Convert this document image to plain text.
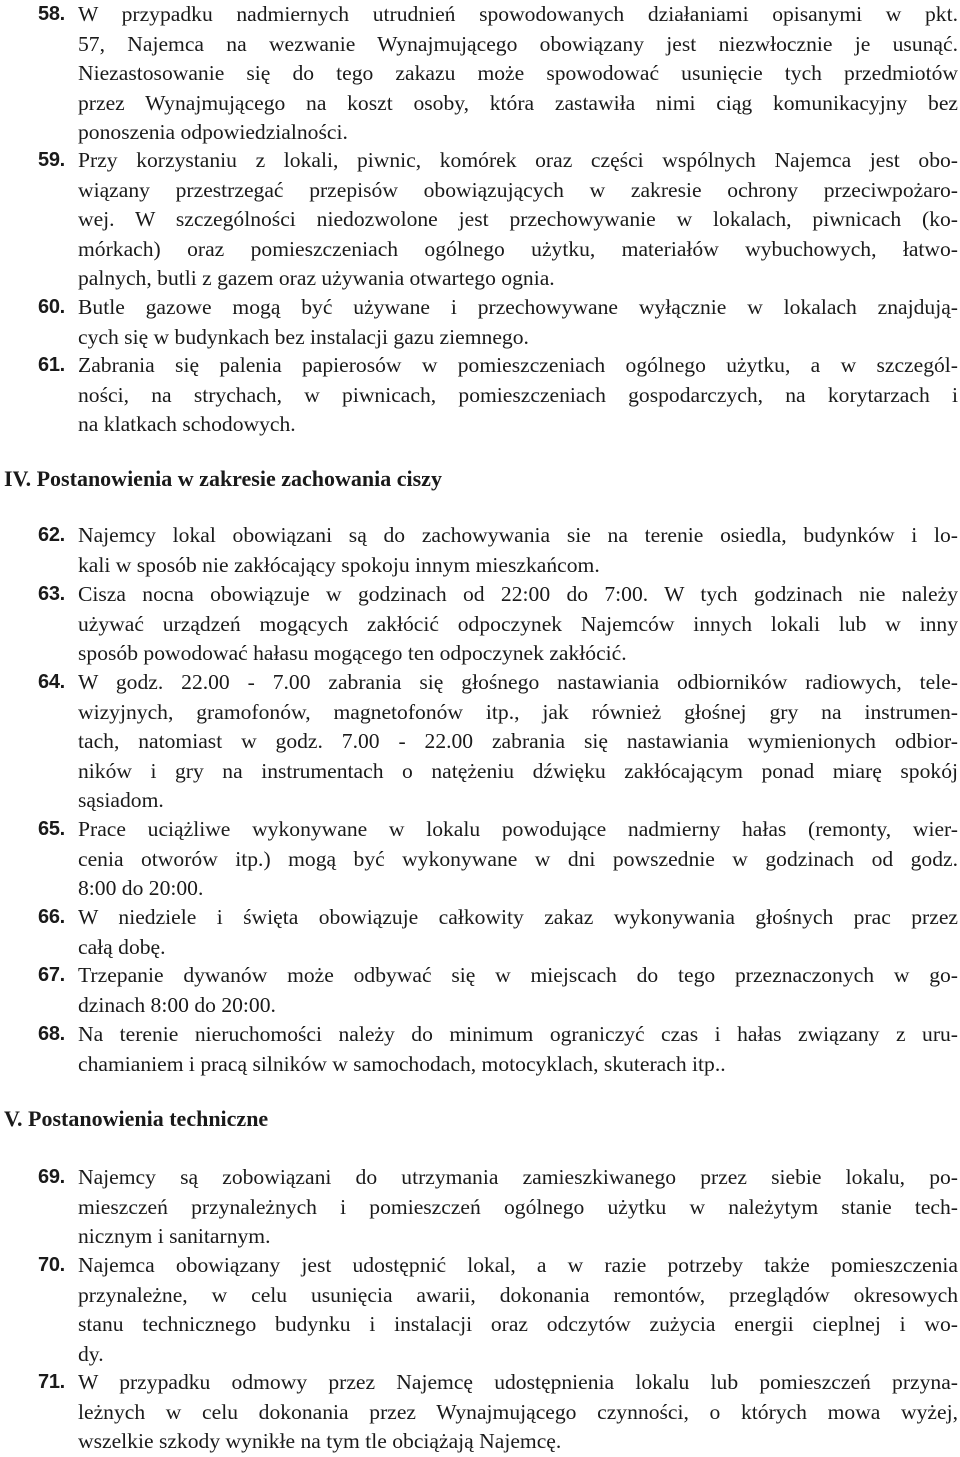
58. W przypadku nadmiernych utrudnień spowodowanych działaniami opisanymi w pkt.
57, Najemca na wezwanie Wynajmującego obowiązany jest niezwłocznie je usunąć.
Niezastosowanie się do tego zakazu może spowodować usunięcie tych przedmiotów
przez Wynajmującego na koszt osoby, która zastawiła nimi ciąg komunikacyjny bez
ponoszenia odpowiedzialności.
59. Przy korzystaniu z lokali, piwnic, komórek oraz części wspólnych Najemca jest obo-
wiązany przestrzegać przepisów obowiązujących w zakresie ochrony przeciwpożaro-
wej. W szczególności niedozwolone jest przechowywanie w lokalach, piwnicach (ko-
mórkach) oraz pomieszczeniach ogólnego użytku, materiałów wybuchowych, łatwo-
palnych, butli z gazem oraz używania otwartego ognia.
60. Butle gazowe mogą być używane i przechowywane wyłącznie w lokalach znajdują-
cych się w budynkach bez instalacji gazu ziemnego.
61. Zabrania się palenia papierosów w pomieszczeniach ogólnego użytku, a w szczegól-
ności, na strychach, w piwnicach, pomieszczeniach gospodarczych, na korytarzach i
na klatkach schodowych.
IV. Postanowienia w zakresie zachowania ciszy
62. Najemcy lokal obowiązani są do zachowywania sie na terenie osiedla, budynków i lo-
kali w sposób nie zakłócający spokoju innym mieszkańcom.
63. Cisza nocna obowiązuje w godzinach od 22:00 do 7:00. W tych godzinach nie należy
używać urządzeń mogących zakłócić odpoczynek Najemców innych lokali lub w inny
sposób powodować hałasu mogącego ten odpoczynek zakłócić.
64. W godz. 22.00 - 7.00 zabrania się głośnego nastawiania odbiorników radiowych, tele-
wizyjnych, gramofonów, magnetofonów itp., jak również głośnej gry na instrumen-
tach, natomiast w godz. 7.00 - 22.00 zabrania się nastawiania wymienionych odbior-
ników i gry na instrumentach o natężeniu dźwięku zakłócającym ponad miarę spokój
sąsiadom.
65. Prace uciążliwe wykonywane w lokalu powodujące nadmierny hałas (remonty, wier-
cenia otworów itp.) mogą być wykonywane w dni powszednie w godzinach od godz.
8:00 do 20:00.
66. W niedziele i święta obowiązuje całkowity zakaz wykonywania głośnych prac przez
całą dobę.
67. Trzepanie dywanów może odbywać się w miejscach do tego przeznaczonych w go-
dzinach 8:00 do 20:00.
68. Na terenie nieruchomości należy do minimum ograniczyć czas i hałas związany z uru-
chamianiem i pracą silników w samochodach, motocyklach, skuterach itp..
V. Postanowienia techniczne
69. Najemcy są zobowiązani do utrzymania zamieszkiwanego przez siebie lokalu, po-
mieszczeń przynależnych i pomieszczeń ogólnego użytku w należytym stanie tech-
nicznym i sanitarnym.
70. Najemca obowiązany jest udostępnić lokal, a w razie potrzeby także pomieszczenia
przynależne, w celu usunięcia awarii, dokonania remontów, przeglądów okresowych
stanu technicznego budynku i instalacji oraz odczytów zużycia energii cieplnej i wo-
dy.
71. W przypadku odmowy przez Najemcę udostępnienia lokalu lub pomieszczeń przyna-
leżnych w celu dokonania przez Wynajmującego czynności, o których mowa wyżej,
wszelkie szkody wynikłe na tym tle obciążają Najemcę.
